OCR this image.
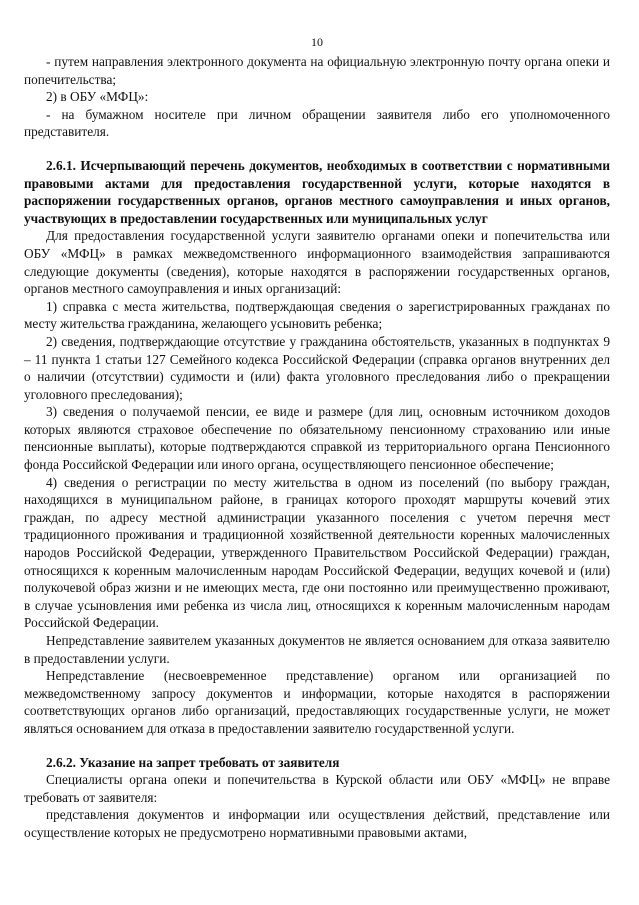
10

- путем направления электронного документа на официальную электронную почту органа опеки и попечительства;

2) в ОБУ «МФЦ»:

- на бумажном носителе при личном обращении заявителя либо его уполномоченного представителя.

2.6.1. Исчерпывающий перечень документов, необходимых в соответствии с нормативными правовыми актами для предоставления государственной услуги, которые находятся в распоряжении государственных органов, органов местного самоуправления и иных органов, участвующих в предоставлении государственных или муниципальных услуг

Для предоставления государственной услуги заявителю органами опеки и попечительства или ОБУ «МФЦ» в рамках межведомственного информационного взаимодействия запрашиваются следующие документы (сведения), которые находятся в распоряжении государственных органов, органов местного самоуправления и иных организаций:

1) справка с места жительства, подтверждающая сведения о зарегистрированных гражданах по месту жительства гражданина, желающего усыновить ребенка;

2) сведения, подтверждающие отсутствие у гражданина обстоятельств, указанных в подпунктах 9 – 11 пункта 1 статьи 127 Семейного кодекса Российской Федерации (справка органов внутренних дел о наличии (отсутствии) судимости и (или) факта уголовного преследования либо о прекращении уголовного преследования);

3) сведения о получаемой пенсии, ее виде и размере (для лиц, основным источником доходов которых являются страховое обеспечение по обязательному пенсионному страхованию или иные пенсионные выплаты), которые подтверждаются справкой из территориального органа Пенсионного фонда Российской Федерации или иного органа, осуществляющего пенсионное обеспечение;

4) сведения о регистрации по месту жительства в одном из поселений (по выбору граждан, находящихся в муниципальном районе, в границах которого проходят маршруты кочевий этих граждан, по адресу местной администрации указанного поселения с учетом перечня мест традиционного проживания и традиционной хозяйственной деятельности коренных малочисленных народов Российской Федерации, утвержденного Правительством Российской Федерации) граждан, относящихся к коренным малочисленным народам Российской Федерации, ведущих кочевой и (или) полукочевой образ жизни и не имеющих места, где они постоянно или преимущественно проживают, в случае усыновления ими ребенка из числа лиц, относящихся к коренным малочисленным народам Российской Федерации.

Непредставление заявителем указанных документов не является основанием для отказа заявителю в предоставлении услуги.

Непредставление (несвоевременное представление) органом или организацией по межведомственному запросу документов и информации, которые находятся в распоряжении соответствующих органов либо организаций, предоставляющих государственные услуги, не может являться основанием для отказа в предоставлении заявителю государственной услуги.

2.6.2. Указание на запрет требовать от заявителя

Специалисты органа опеки и попечительства в Курской области или ОБУ «МФЦ» не вправе требовать от заявителя:

представления документов и информации или осуществления действий, представление или осуществление которых не предусмотрено нормативными правовыми актами,
